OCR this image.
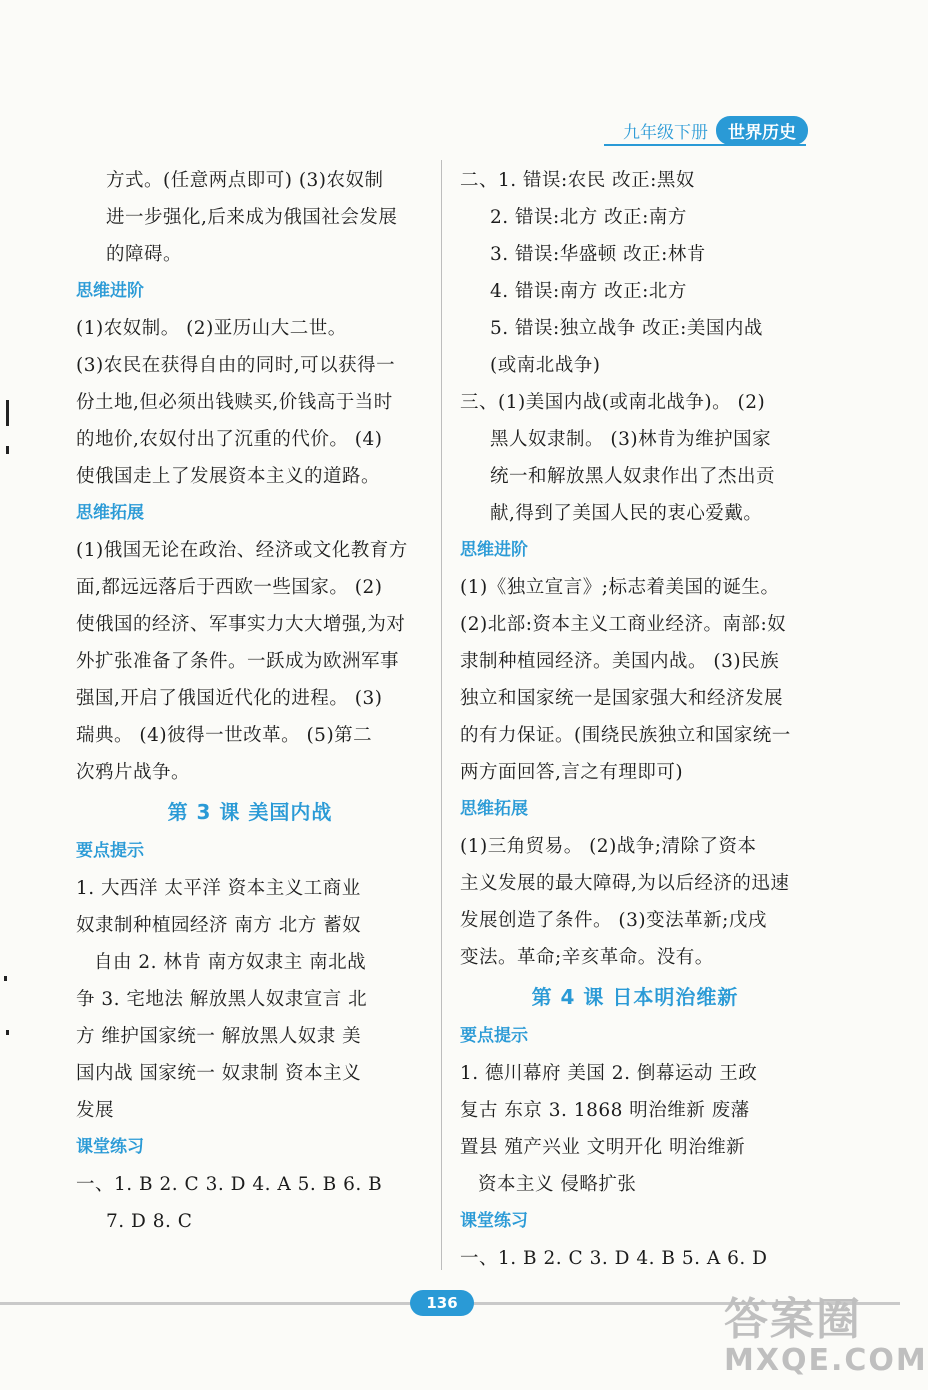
九年级下册	世界历史
方式。(任意两点即可) (3)农奴制
进一步强化,后来成为俄国社会发展
的障碍。
思维进阶
(1)农奴制。 (2)亚历山大二世。
(3)农民在获得自由的同时,可以获得一
份土地,但必须出钱赎买,价钱高于当时
的地价,农奴付出了沉重的代价。 (4)
使俄国走上了发展资本主义的道路。
思维拓展
(1)俄国无论在政治、经济或文化教育方
面,都远远落后于西欧一些国家。 (2)
使俄国的经济、军事实力大大增强,为对
外扩张准备了条件。一跃成为欧洲军事
强国,开启了俄国近代化的进程。 (3)
瑞典。 (4)彼得一世改革。 (5)第二
次鸦片战争。
第 3 课 美国内战
要点提示
1. 大西洋 太平洋 资本主义工商业
奴隶制种植园经济 南方 北方 蓄奴
自由 2. 林肯 南方奴隶主 南北战
争 3. 宅地法 解放黑人奴隶宣言 北
方 维护国家统一 解放黑人奴隶 美
国内战 国家统一 奴隶制 资本主义
发展
课堂练习
一、1. B 2. C 3. D 4. A 5. B 6. B
7. D 8. C
二、1. 错误:农民 改正:黑奴
2. 错误:北方 改正:南方
3. 错误:华盛顿 改正:林肯
4. 错误:南方 改正:北方
5. 错误:独立战争 改正:美国内战
(或南北战争)
三、(1)美国内战(或南北战争)。 (2)
黑人奴隶制。 (3)林肯为维护国家
统一和解放黑人奴隶作出了杰出贡
献,得到了美国人民的衷心爱戴。
思维进阶
(1)《独立宣言》;标志着美国的诞生。
(2)北部:资本主义工商业经济。南部:奴
隶制种植园经济。美国内战。 (3)民族
独立和国家统一是国家强大和经济发展
的有力保证。(围绕民族独立和国家统一
两方面回答,言之有理即可)
思维拓展
(1)三角贸易。 (2)战争;清除了资本
主义发展的最大障碍,为以后经济的迅速
发展创造了条件。 (3)变法革新;戊戌
变法。革命;辛亥革命。没有。
第 4 课 日本明治维新
要点提示
1. 德川幕府 美国 2. 倒幕运动 王政
复古 东京 3. 1868 明治维新 废藩
置县 殖产兴业 文明开化 明治维新
资本主义 侵略扩张
课堂练习
一、1. B 2. C 3. D 4. B 5. A 6. D
136	答案圈
MXQE.COM
